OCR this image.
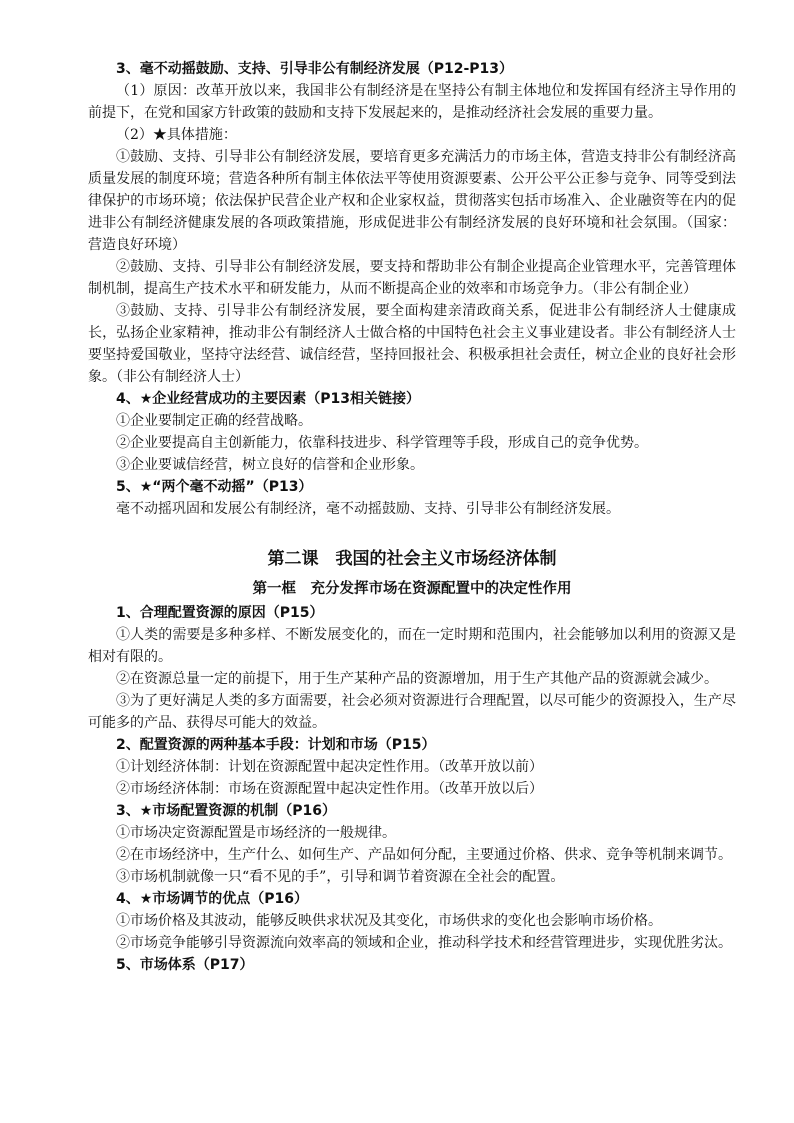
3、毫不动摇鼓励、支持、引导非公有制经济发展（P12-P13）

（1）原因：改革开放以来，我国非公有制经济是在坚持公有制主体地位和发挥国有经济主导作用的前提下，在党和国家方针政策的鼓励和支持下发展起来的，是推动经济社会发展的重要力量。

（2）★具体措施：

①鼓励、支持、引导非公有制经济发展，要培育更多充满活力的市场主体，营造支持非公有制经济高质量发展的制度环境；营造各种所有制主体依法平等使用资源要素、公开公平公正参与竞争、同等受到法律保护的市场环境；依法保护民营企业产权和企业家权益，贯彻落实包括市场准入、企业融资等在内的促进非公有制经济健康发展的各项政策措施，形成促进非公有制经济发展的良好环境和社会氛围。（国家：营造良好环境）

②鼓励、支持、引导非公有制经济发展，要支持和帮助非公有制企业提高企业管理水平，完善管理体制机制，提高生产技术水平和研发能力，从而不断提高企业的效率和市场竞争力。（非公有制企业）

③鼓励、支持、引导非公有制经济发展，要全面构建亲清政商关系，促进非公有制经济人士健康成长，弘扬企业家精神，推动非公有制经济人士做合格的中国特色社会主义事业建设者。非公有制经济人士要坚持爱国敬业，坚持守法经营、诚信经营，坚持回报社会、积极承担社会责任，树立企业的良好社会形象。（非公有制经济人士）

4、★企业经营成功的主要因素（P13相关链接）

①企业要制定正确的经营战略。

②企业要提高自主创新能力，依靠科技进步、科学管理等手段，形成自己的竞争优势。

③企业要诚信经营，树立良好的信誉和企业形象。

5、★“两个毫不动摇”（P13）

毫不动摇巩固和发展公有制经济，毫不动摇鼓励、支持、引导非公有制经济发展。

第二课　我国的社会主义市场经济体制
第一框　充分发挥市场在资源配置中的决定性作用

1、合理配置资源的原因（P15）

①人类的需要是多种多样、不断发展变化的，而在一定时期和范围内，社会能够加以利用的资源又是相对有限的。

②在资源总量一定的前提下，用于生产某种产品的资源增加，用于生产其他产品的资源就会减少。

③为了更好满足人类的多方面需要，社会必须对资源进行合理配置，以尽可能少的资源投入，生产尽可能多的产品、获得尽可能大的效益。

2、配置资源的两种基本手段：计划和市场（P15）

①计划经济体制：计划在资源配置中起决定性作用。（改革开放以前）

②市场经济体制：市场在资源配置中起决定性作用。（改革开放以后）

3、★市场配置资源的机制（P16）

①市场决定资源配置是市场经济的一般规律。

②在市场经济中，生产什么、如何生产、产品如何分配，主要通过价格、供求、竞争等机制来调节。

③市场机制就像一只“看不见的手”，引导和调节着资源在全社会的配置。

4、★市场调节的优点（P16）

①市场价格及其波动，能够反映供求状况及其变化，市场供求的变化也会影响市场价格。

②市场竞争能够引导资源流向效率高的领域和企业，推动科学技术和经营管理进步，实现优胜劣汰。

5、市场体系（P17）
